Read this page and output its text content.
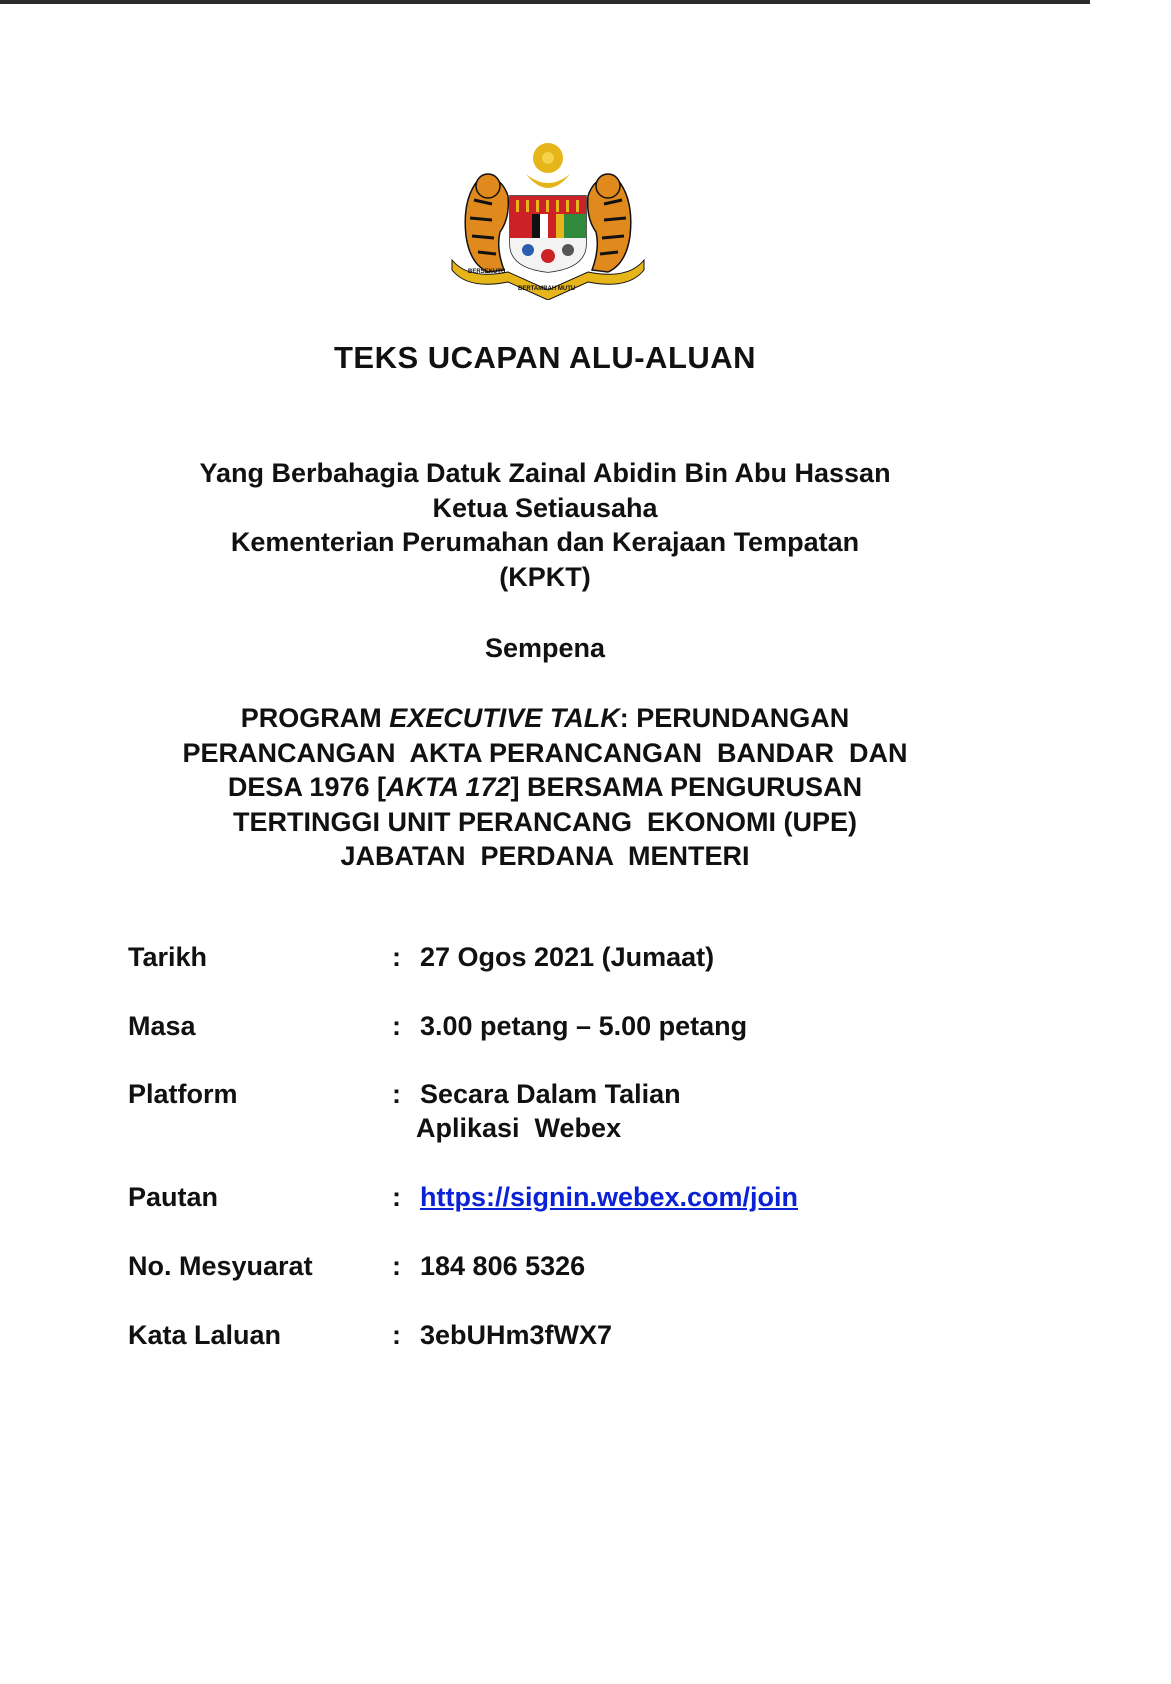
BERSEKUTU
BERTAMBAH MUTU
TEKS UCAPAN ALU-ALUAN
Yang Berbahagia Datuk Zainal Abidin Bin Abu Hassan
Ketua Setiausaha
Kementerian Perumahan dan Kerajaan Tempatan
(KPKT)
Sempena
PROGRAM EXECUTIVE TALK: PERUNDANGAN
PERANCANGAN  AKTA PERANCANGAN  BANDAR  DAN
DESA 1976 [AKTA 172] BERSAMA PENGURUSAN
TERTINGGI UNIT PERANCANG  EKONOMI (UPE)
JABATAN  PERDANA  MENTERI
Tarikh	: 27 Ogos 2021 (Jumaat)
Masa	: 3.00 petang – 5.00 petang
Platform	: Secara Dalam Talian
Aplikasi  Webex
Pautan	: https://signin.webex.com/join
No. Mesyuarat	: 184 806 5326
Kata Laluan	: 3ebUHm3fWX7
